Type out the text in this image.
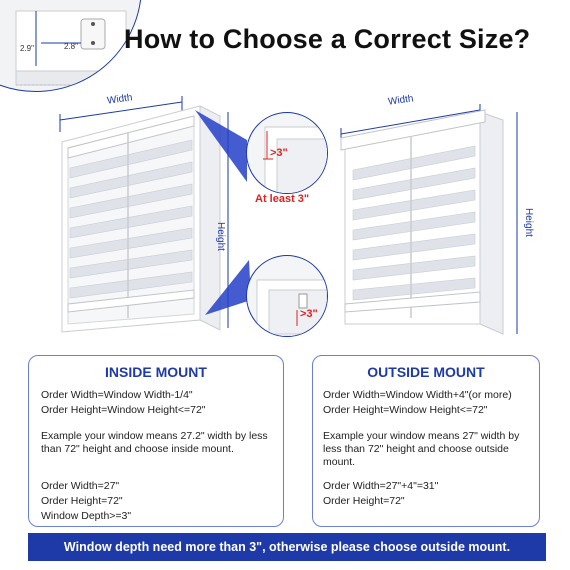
2.9"	2.8" How to Choose a Correct Size?
Width
Height
>3"
At least 3"
>3"
Width
Height
INSIDE MOUNT
Order Width=Window Width-1/4"
Order Height=Window Height<=72"
Example your window means 27.2" width by less than 72" height and choose inside mount.
Order Width=27"
Order Height=72"
Window Depth>=3"
OUTSIDE MOUNT
Order Width=Window Width+4"(or more)
Order Height=Window Height<=72"
Example your window means 27" width by less than 72" height and choose outside mount.
Order Width=27"+4"=31"
Order Height=72"
Window depth need more than 3", otherwise please choose outside mount.
